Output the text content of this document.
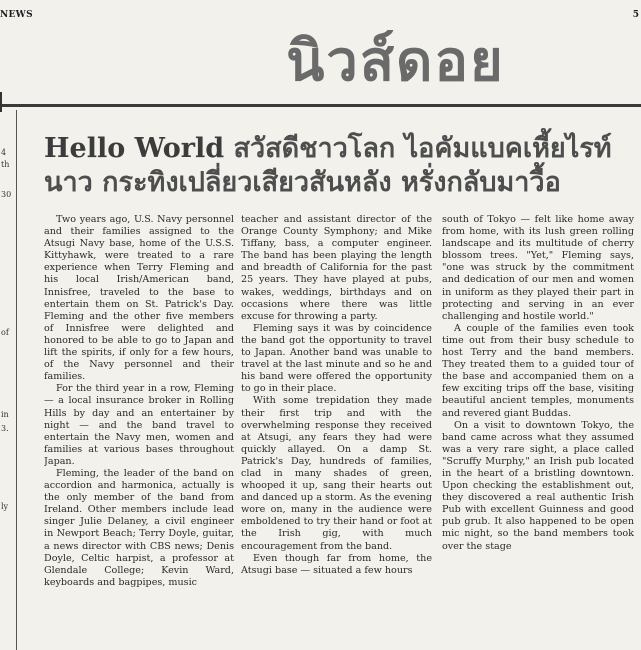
NEWS	5
นิวส์ดอย
4
th
30
of
in
3.
ly
Hello World สวัสดีชาวโลก ไอคัมแบคเหี้ยไรท์นาว กระทิงเปลี่ยวเสียวสันหลัง หรั่งกลับมาวื้อ

Two years ago, U.S. Navy personnel and their families assigned to the Atsugi Navy base, home of the U.S.S. Kittyhawk, were treated to a rare experience when Terry Fleming and his local Irish/American band, Innisfree, traveled to the base to entertain them on St. Patrick's Day. Fleming and the other five members of Innisfree were delighted and honored to be able to go to Japan and lift the spirits, if only for a few hours, of the Navy personnel and their families.

For the third year in a row, Fleming — a local insurance broker in Rolling Hills by day and an entertainer by night — and the band travel to entertain the Navy men, women and families at various bases throughout Japan.

Fleming, the leader of the band on accordion and harmonica, actually is the only member of the band from Ireland. Other members include lead singer Julie Delaney, a civil engineer in Newport Beach; Terry Doyle, guitar, a news director with CBS news; Denis Doyle, Celtic harpist, a professor at Glendale College; Kevin Ward, keyboards and bagpipes, music

teacher and assistant director of the Orange County Symphony; and Mike Tiffany, bass, a computer engineer. The band has been playing the length and breadth of California for the past 25 years. They have played at pubs, wakes, weddings, birthdays and on occasions where there was little excuse for throwing a party.

Fleming says it was by coincidence the band got the opportunity to travel to Japan. Another band was unable to travel at the last minute and so he and his band were offered the opportunity to go in their place.

With some trepidation they made their first trip and with the overwhelming response they received at Atsugi, any fears they had were quickly allayed. On a damp St. Patrick's Day, hundreds of families, clad in many shades of green, whooped it up, sang their hearts out and danced up a storm. As the evening wore on, many in the audience were emboldened to try their hand or foot at the Irish gig, with much encouragement from the band.

Even though far from home, the Atsugi base — situated a few hours

south of Tokyo — felt like home away from home, with its lush green rolling landscape and its multitude of cherry blossom trees. "Yet," Fleming says, "one was struck by the commitment and dedication of our men and women in uniform as they played their part in protecting and serving in an ever challenging and hostile world."

A couple of the families even took time out from their busy schedule to host Terry and the band members. They treated them to a guided tour of the base and accompanied them on a few exciting trips off the base, visiting beautiful ancient temples, monuments and revered giant Buddas.

On a visit to downtown Tokyo, the band came across what they assumed was a very rare sight, a place called "Scruffy Murphy," an Irish pub located in the heart of a bristling downtown. Upon checking the establishment out, they discovered a real authentic Irish Pub with excellent Guinness and good pub grub. It also happened to be open mic night, so the band members took over the stage
